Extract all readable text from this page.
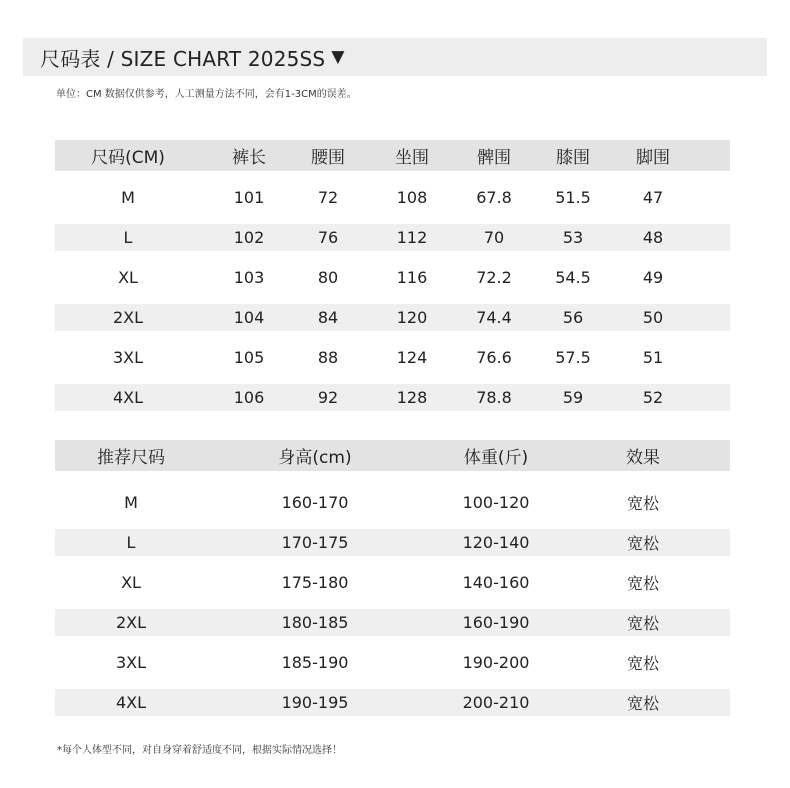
尺码表 / SIZE CHART 2025SS ▼
单位：CM 数据仅供参考，人工测量方法不同，会有1-3CM的误差。
尺码(CM)	裤长	腰围	坐围	髀围	膝围	脚围
M	101	72	108	67.8	51.5	47
L	102	76	112	70	53	48
XL	103	80	116	72.2	54.5	49
2XL	104	84	120	74.4	56	50
3XL	105	88	124	76.6	57.5	51
4XL	106	92	128	78.8	59	52
推荐尺码	身高(cm)	体重(斤)	效果
M	160-170	100-120	宽松
L	170-175	120-140	宽松
XL	175-180	140-160	宽松
2XL	180-185	160-190	宽松
3XL	185-190	190-200	宽松
4XL	190-195	200-210	宽松
*每个人体型不同，对自身穿着舒适度不同，根据实际情况选择！
